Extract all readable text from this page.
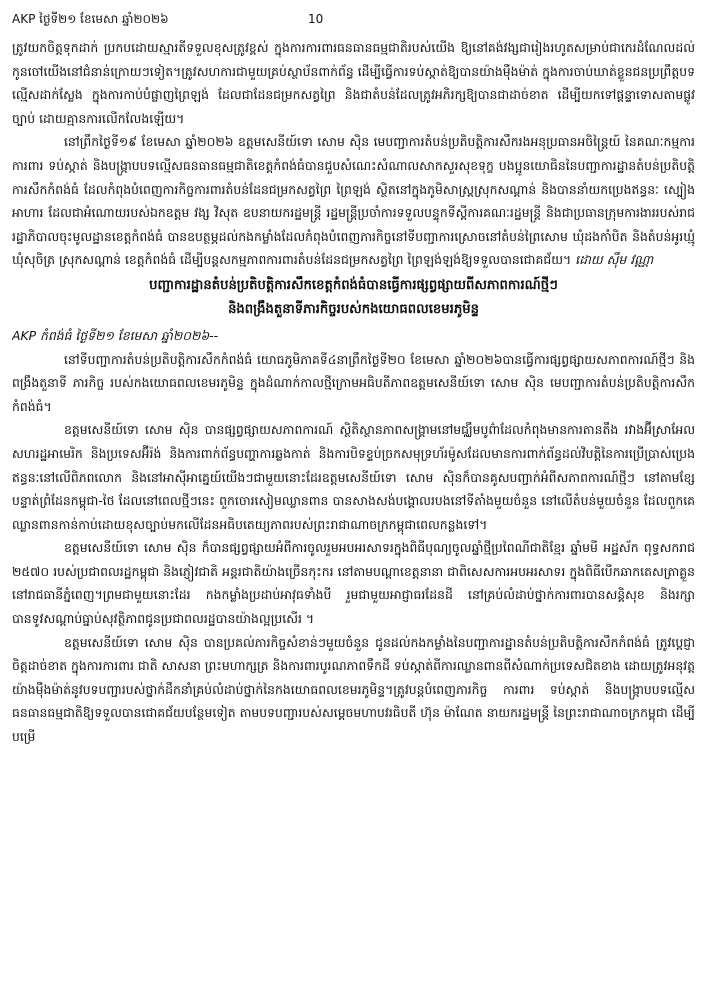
AKP ថ្ងៃទី២១ ខែមេសា ឆ្នាំ២០២៦	10

ត្រូវយកចិត្តទុកដាក់ ប្រកបដោយស្មារតីទទួលខុសត្រូវខ្ពស់ ក្នុងការការពារធនធានធម្មជាតិរបស់យើង ឱ្យនៅគង់វង្សជារៀងរហូតសម្រាប់ជាកេរដំណែលដល់កូនចៅយើងនៅជំនាន់ក្រោយៗទៀត។ត្រូវសហការជាមួយគ្រប់ស្ថាប័នពាក់ព័ន្ធ ដើម្បីធ្វើការទប់ស្កាត់ឱ្យបានយ៉ាងម៉ឺងម៉ាត់ ក្នុងការចាប់ឃាត់ខ្លួនជនប្រព្រឹត្តបទល្មើសដាក់ស្លែង ក្នុងការកាប់បំផ្លាញព្រៃឡង់ ដែលជាដែនជម្រកសត្វព្រៃ និងជាតំបន់ដែលត្រូវអភិរក្សឱ្យបានជាដាច់ខាត ដើម្បីយកទៅផ្តន្ទាទោសតាមផ្លូវច្បាប់ ដោយគ្មានការលើកលែងឡើយ។

នៅព្រឹកថ្ងៃទី១៩ ខែមេសា ឆ្នាំ២០២៦ ឧត្តមសេនីយ៍ទោ សោម ស៊ិន មេបញ្ជាការតំបន់ប្រតិបត្តិការសឹករងអនុប្រធានអចិន្ត្រៃយ៍ នៃគណៈកម្មការ ការពារ ទប់ស្កាត់ និងបង្ក្រាបបទល្មើសធនធានធម្មជាតិខេត្តកំពង់ធំបានជួបសំណេះសំណាលសាកសួរសុខទុក្ខ បងប្អូនយោធិននៃបញ្ជាការដ្ឋានតំបន់ប្រតិបត្តិការសឹកកំពង់ធំ ដែលកំពុងបំពេញការកិច្ចការពារតំបន់ដែនជម្រកសត្វព្រៃ ព្រៃឡង់ ស្ថិតនៅក្នុងភូមិសាស្ត្រស្រុកសណ្តាន់ និងបាននាំយកប្រេងឥន្ធនៈ ស្បៀងអាហារ ដែលជាអំណោយរបស់ឯកឧត្តម វង្ស វិសុត ឧបនាយករដ្ឋមន្ត្រី រដ្ឋមន្ត្រីប្រចាំការទទួលបន្ទុកទីស្តីការគណៈរដ្ឋមន្ត្រី និងជាប្រធានក្រុមការងាររបស់រាជរដ្ឋាភិបាលចុះមូលដ្ឋានខេត្តកំពង់ធំ បានឧបត្ថម្ភដល់កងកម្លាំងដែលកំពុងបំពេញភារកិច្ចនៅទីបញ្ជាការស្រោចនៅតំបន់ព្រៃសោម ឃុំដងកាំបិត និងតំបន់អូរឃ្មុំ ឃុំសុចិត្រ ស្រុកសណ្តាន់ ខេត្តកំពង់ធំ ដើម្បីបន្តសកម្មភាពការពារតំបន់ដែនជម្រកសត្វព្រៃ ព្រៃឡង់ឡង់ឱ្យទទួលបានជោគជ័យ។ ដោយ ស៊ឹម វណ្ណា

បញ្ជាការដ្ឋានតំបន់ប្រតិបត្តិការសឹកខេត្តកំពង់ធំបានធ្វើការផ្សព្វផ្សាយពីសភាពការណ៍ថ្មីៗ
និងពង្រឹងតួនាទីភារកិច្ចរបស់កងយោធពលខេមរភូមិន្ទ

AKP កំពង់ធំ ថ្ងៃទី២១ ខែមេសា ឆ្នាំ២០២៦--

នៅទីបញ្ជាការតំបន់ប្រតិបត្តិការសឹកកំពង់ធំ យោធភូមិភាគទី៤នាព្រឹកថ្ងៃទី២០ ខែមេសា ឆ្នាំ២០២៦បានធ្វើការផ្សព្វផ្សាយសភាពការណ៍ថ្មីៗ និងពង្រឹងតួនាទី ភារកិច្ច របស់កងយោធពលខេមរភូមិន្ទ ក្នុងដំណាក់កាលថ្មីក្រោមអធិបតីភាពឧត្តមសេនីយ៍ទោ សោម ស៊ិន មេបញ្ជាការតំបន់ប្រតិបត្តិការសឹកកំពង់ធំ។

ឧត្តមសេនីយ៍ទោ សោម ស៊ិន បានផ្សព្វផ្សាយសភាពការណ៍ ស្ថិតិស្ថានភាពសង្គ្រាមនៅមជ្ឈឹមបូព៌ាដែលកំពុងមានការតានតឹង រវាងអ៊ីស្រាអែល សហរដ្ឋអាមេរិក និងប្រទេសអ៊ីរ៉ង់ និងការពាក់ព័ន្ធបញ្ហាការឆ្លងកាត់ និងការបិទខ្ទប់ច្រកសមុទ្រហ័រម៉ូសដែលមានការពាក់ព័ន្ធដល់វិបត្តិនៃការប្រើប្រាស់ប្រេងឥន្ធនៈនៅលើពិភពលោក និងនៅអាស៊ីអាគ្នេយ៍យើងៗជាមួយនោះដែរឧត្តមសេនីយ៍ទោ សោម ស៊ិនក៏បានគូសបញ្ជាក់អំពីសភាពការណ៍ថ្មីៗ នៅតាមខ្សែបន្ទាត់ព្រំដែនកម្ពុជា-ថៃ ដែលនៅពេលថ្មីៗនេះ ពួកចោរសៀមឈ្លានពាន បានសាងសង់បង្គោលរបងនៅទីតាំងមួយចំនួន នៅលើតំបន់មួយចំនួន ដែលពួកគេឈ្លានពានកាន់កាប់ដោយខុសច្បាប់មកលើដែនអធិបតេយ្យភាពរបស់ព្រះរាជាណាចក្រកម្ពុជាពេលកន្លងទៅ។

ឧត្តមសេនីយ៍ទោ សោម ស៊ិន ក៏បានផ្សព្វផ្សាយអំពីការចូលរួមអបអរសាទរក្នុងពិធីបុណ្យចូលឆ្នាំថ្មីប្រពៃណីជាតិខ្មែរ ឆ្នាំមមី អដ្ឋស័ក ពុទ្ធសករាជ ២៥៧០ របស់ប្រជាពលរដ្ឋកម្ពុជា និងភ្ញៀវជាតិ អន្តរជាតិយ៉ាងច្រើនកុះករ នៅតាមបណ្តាខេត្តនានា ជាពិសេសការអបអរសាទរ ក្នុងពិធីបើកឆាកតេសត្រាគ្លួននៅរាជធានីភ្នំពេញ។ព្រមជាមួយនោះដែរ កងកម្លាំងប្រដាប់អាវុធទាំងបី រួមជាមួយអាជ្ញាធរដែនដី នៅគ្រប់លំដាប់ថ្នាក់ការពារបានសន្តិសុខ និងរក្សាបានទូវសណ្តាប់ធ្នាប់សុវត្ថិភាពជូនប្រជាពលរដ្ឋបានយ៉ាងល្អប្រសើរ ។

ឧត្តមសេនីយ៍ទោ សោម ស៊ិន បានប្រគល់ភារកិច្ចសំខាន់ៗមួយចំនួន ជូនដល់កងកម្លាំងនៃបញ្ជាការដ្ឋានតំបន់ប្រតិបត្តិការសឹកកំពង់ធំ ត្រូវប្តេជ្ញាចិត្តដាច់ខាត ក្នុងការការពារ ជាតិ សាសនា ព្រះមហាក្សត្រ និងការពារបូរណភាពទឹកដី ទប់ស្កាត់ពីការឈ្លានពានពីសំណាក់ប្រទេសជិតខាង ដោយត្រូវអនុវត្តយ៉ាងម៉ឺងម៉ាត់នូវបទបញ្ជារបស់ថ្នាក់ដឹកនាំគ្រប់លំដាប់ថ្នាក់នៃកងយោធពលខេមរភូមិន្ទ។ត្រូវបន្តបំពេញភារកិច្ច ការពារ ទប់ស្កាត់ និងបង្ក្រាបបទល្មើសធនធានធម្មជាតិឱ្យទទួលបានជោគជ័យបន្ថែមទៀត តាមបទបញ្ជារបស់សម្តេចមហាបវរធិបតី ហ៊ុន ម៉ាណែត នាយករដ្ឋមន្ត្រី នៃព្រះរាជាណាចក្រកម្ពុជា ដើម្បីបម្រើ
